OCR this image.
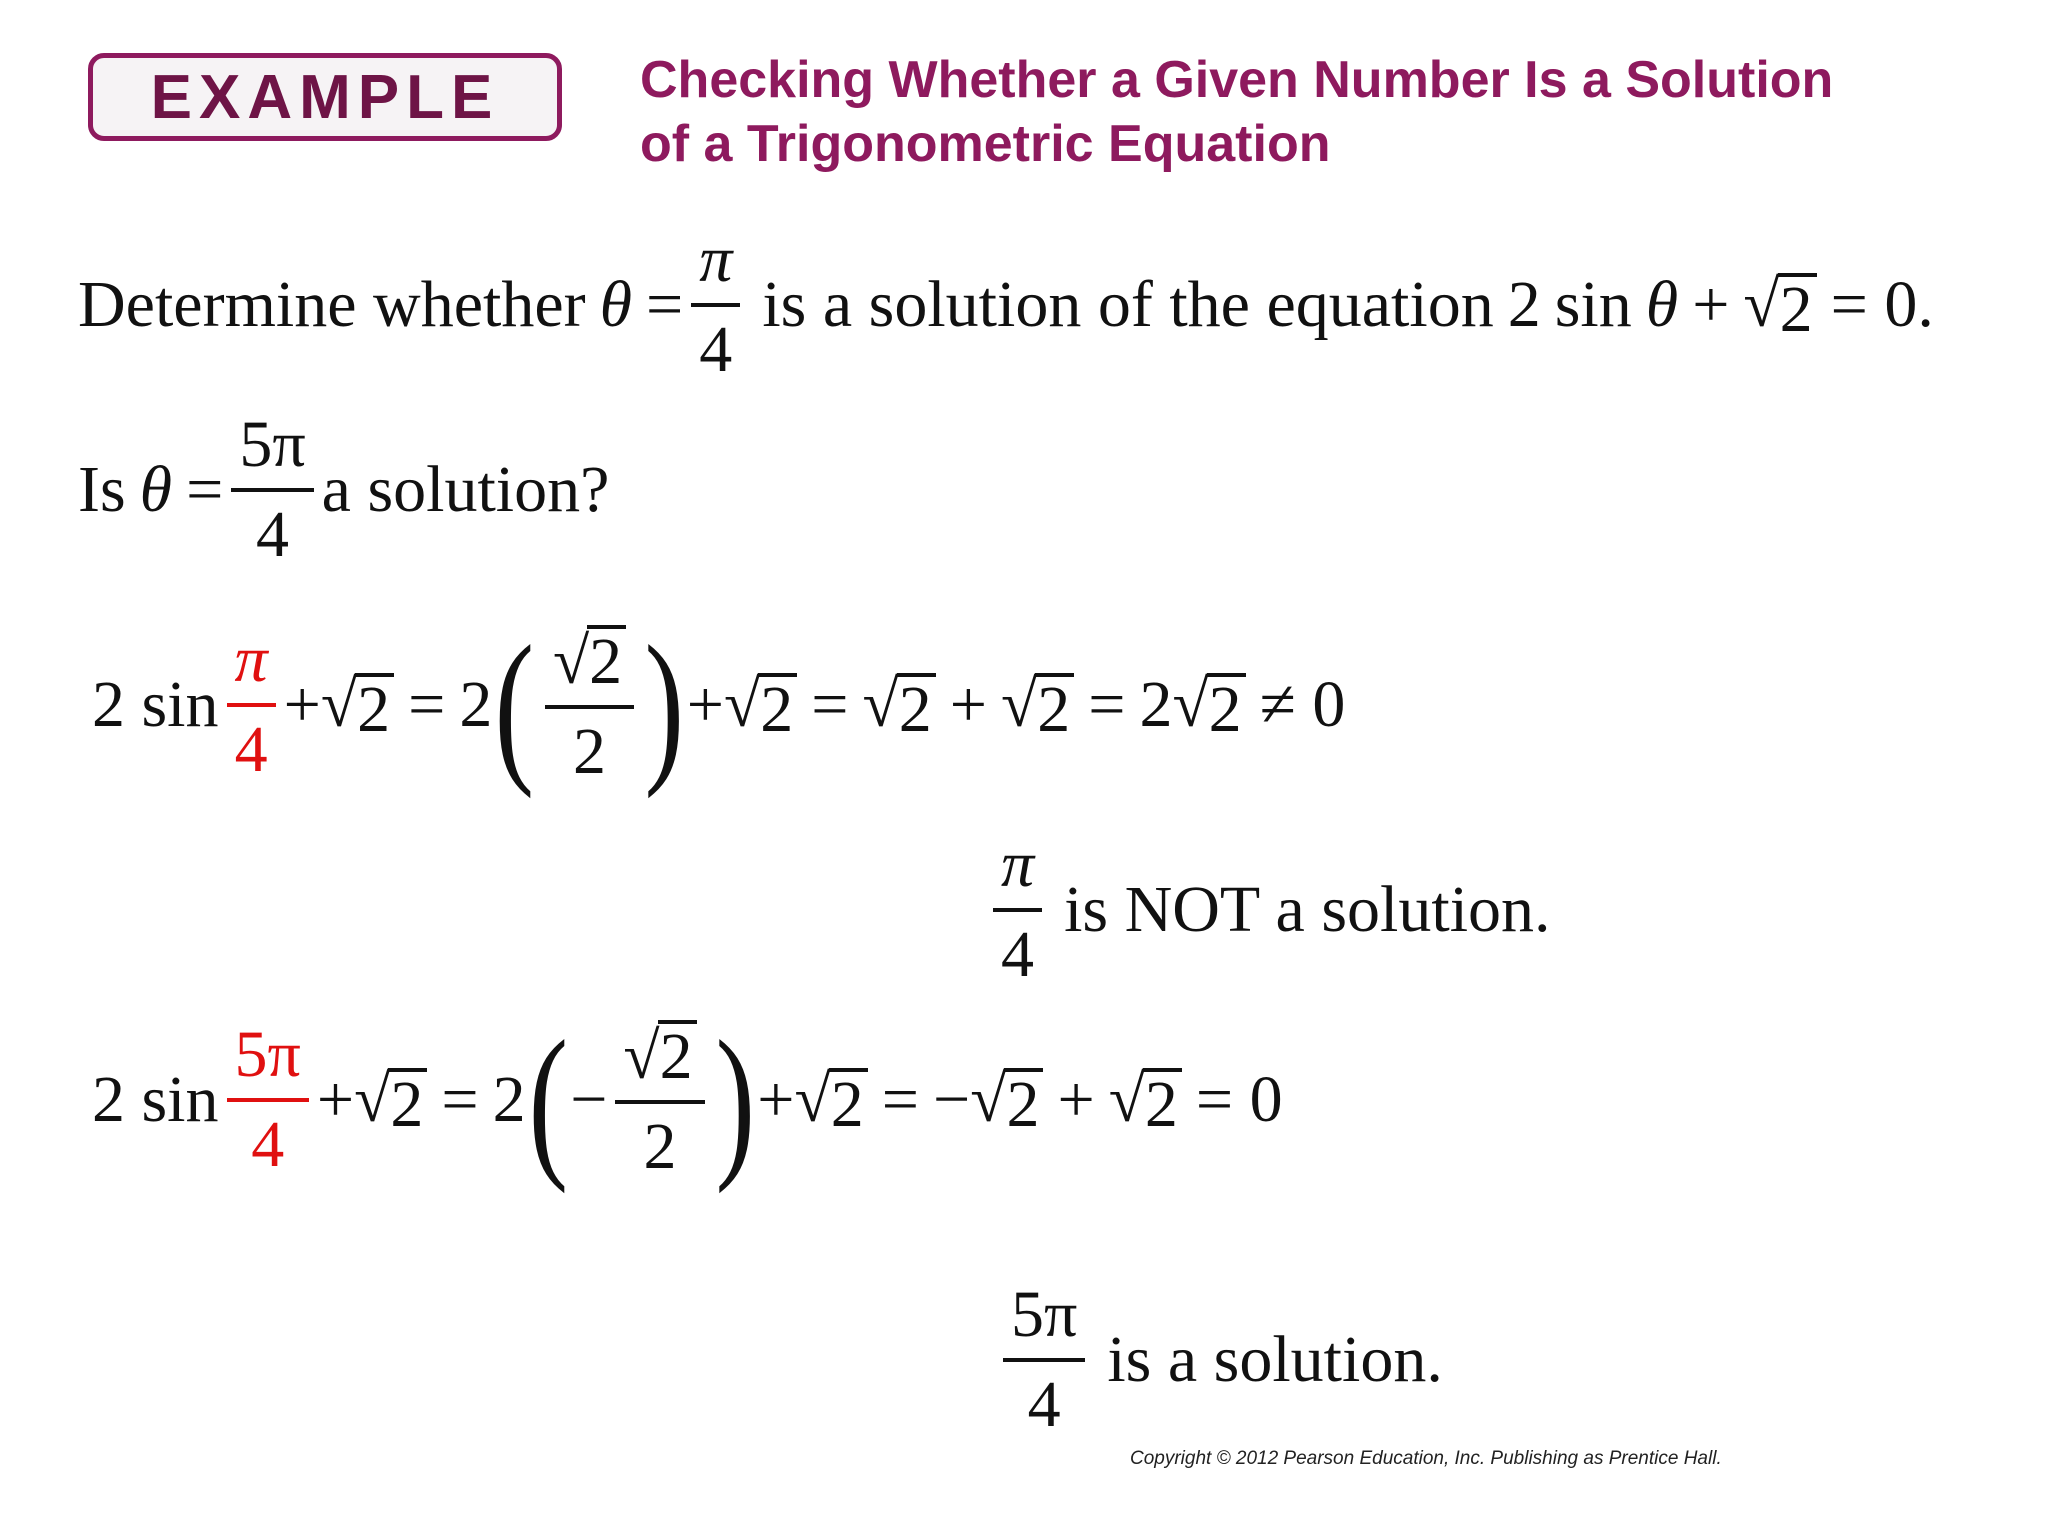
EXAMPLE	Checking Whether a Given Number Is a Solution
of a Trigonometric Equation
Determine whether $\theta = \frac{\pi}{4}$ is a solution of the equation 2 sin θ + √ 2 = 0.
Is $\theta = \frac{5\pi}{4}$ a solution?
2 $\sin \frac{\pi}{4}$ + √ 2 = 2 ( $\frac{√ 2}{2}$ ) + √ 2 = √ 2 + √ 2 = 2 √ 2 ≠ 0
$\frac{\pi}{4}$ is NOT a solution.
2 $\sin \frac{5\pi}{4}$ + √ 2 = 2 ( − $\frac{√ 2}{2}$ ) + √ 2 = − √ 2 + √ 2 = 0
$\frac{5\pi}{4}$ is a solution.
Copyright © 2012 Pearson Education, Inc. Publishing as Prentice Hall.
